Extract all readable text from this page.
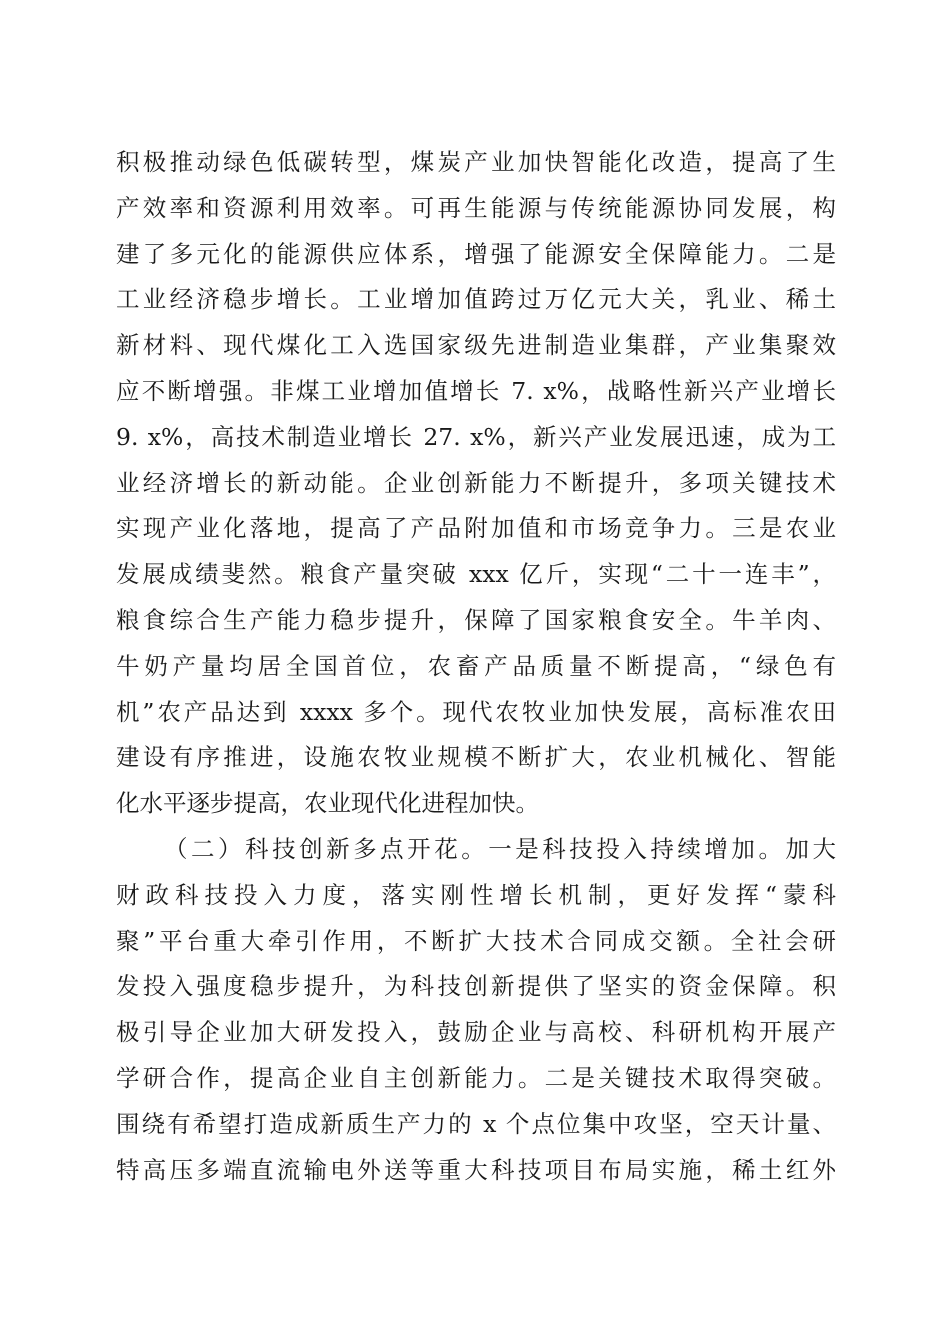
积极推动绿色低碳转型，煤炭产业加快智能化改造，提高了生
产效率和资源利用效率。可再生能源与传统能源协同发展，构
建了多元化的能源供应体系，增强了能源安全保障能力。二是
工业经济稳步增长。工业增加值跨过万亿元大关，乳业、稀土
新材料、现代煤化工入选国家级先进制造业集群，产业集聚效
应不断增强。非煤工业增加值增长 7. x%，战略性新兴产业增长
9. x%，高技术制造业增长 27. x%，新兴产业发展迅速，成为工
业经济增长的新动能。企业创新能力不断提升，多项关键技术
实现产业化落地，提高了产品附加值和市场竞争力。三是农业
发展成绩斐然。粮食产量突破 xxx 亿斤，实现“二十一连丰”，
粮食综合生产能力稳步提升，保障了国家粮食安全。牛羊肉、
牛奶产量均居全国首位，农畜产品质量不断提高，“绿色有
机”农产品达到 xxxx 多个。现代农牧业加快发展，高标准农田
建设有序推进，设施农牧业规模不断扩大，农业机械化、智能
化水平逐步提高，农业现代化进程加快。
（二）科技创新多点开花。一是科技投入持续增加。加大
财政科技投入力度，落实刚性增长机制，更好发挥“蒙科
聚”平台重大牵引作用，不断扩大技术合同成交额。全社会研
发投入强度稳步提升，为科技创新提供了坚实的资金保障。积
极引导企业加大研发投入，鼓励企业与高校、科研机构开展产
学研合作，提高企业自主创新能力。二是关键技术取得突破。
围绕有希望打造成新质生产力的 x 个点位集中攻坚，空天计量、
特高压多端直流输电外送等重大科技项目布局实施，稀土红外
